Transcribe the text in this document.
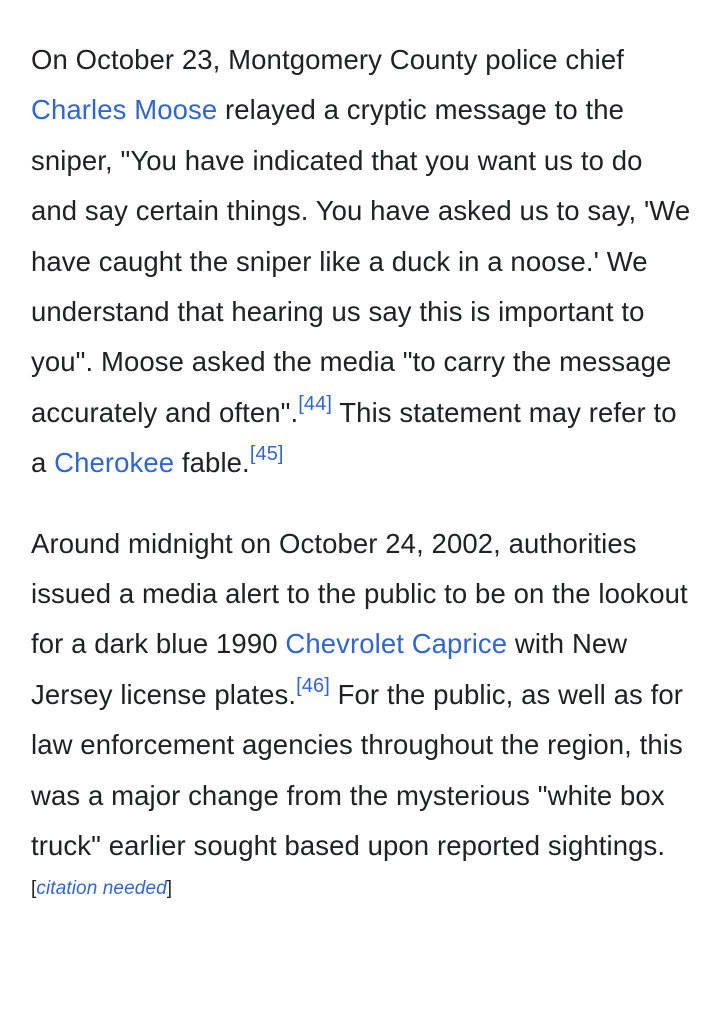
On October 23, Montgomery County police chief Charles Moose relayed a cryptic message to the sniper, "You have indicated that you want us to do and say certain things. You have asked us to say, 'We have caught the sniper like a duck in a noose.' We understand that hearing us say this is important to you". Moose asked the media "to carry the message accurately and often".[44] This statement may refer to a Cherokee fable.[45]

Around midnight on October 24, 2002, authorities issued a media alert to the public to be on the lookout for a dark blue 1990 Chevrolet Caprice with New Jersey license plates.[46] For the public, as well as for law enforcement agencies throughout the region, this was a major change from the mysterious "white box truck" earlier sought based upon reported sightings.[citation needed]
